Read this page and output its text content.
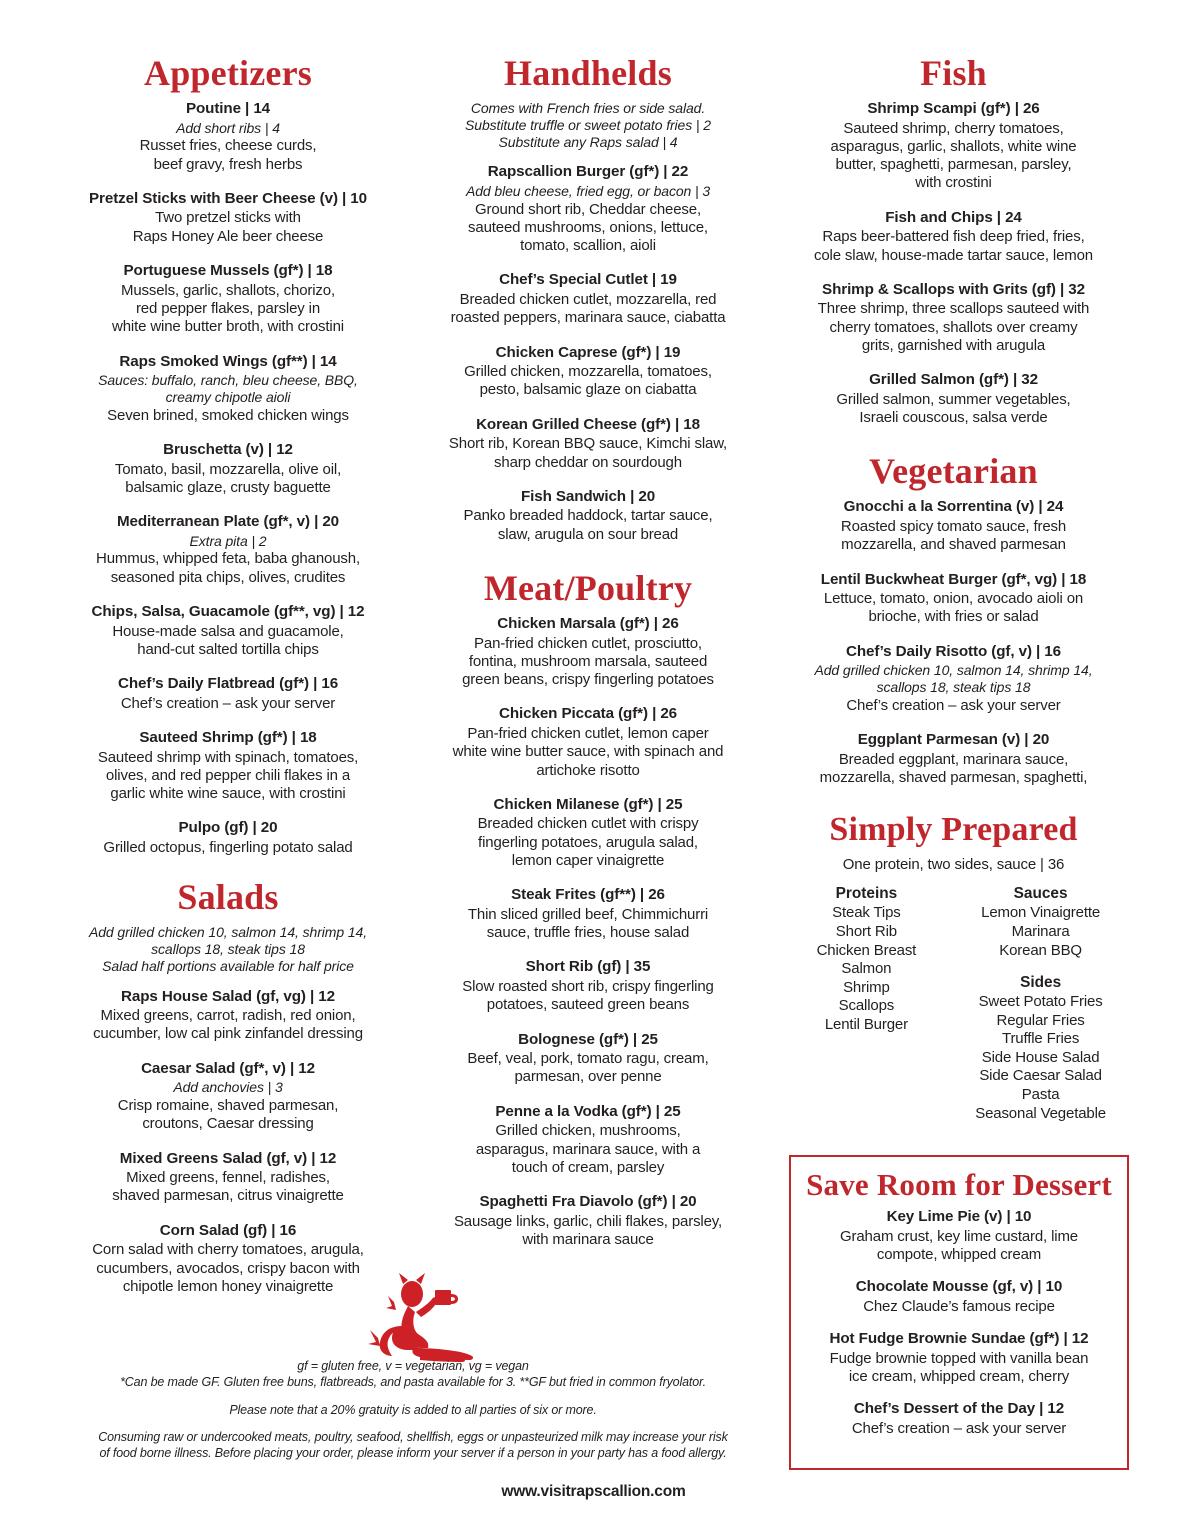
Appetizers

Poutine | 14

Add short ribs | 4

Russet fries, cheese curds,
beef gravy, fresh herbs

Pretzel Sticks with Beer Cheese (v) | 10

Two pretzel sticks with
Raps Honey Ale beer cheese

Portuguese Mussels (gf*) | 18

Mussels, garlic, shallots, chorizo,
red pepper flakes, parsley in
white wine butter broth, with crostini

Raps Smoked Wings (gf**) | 14

Sauces: buffalo, ranch, bleu cheese, BBQ,
creamy chipotle aioli

Seven brined, smoked chicken wings

Bruschetta (v) | 12

Tomato, basil, mozzarella, olive oil,
balsamic glaze, crusty baguette

Mediterranean Plate (gf*, v) | 20

Extra pita | 2

Hummus, whipped feta, baba ghanoush,
seasoned pita chips, olives, crudites

Chips, Salsa, Guacamole (gf**, vg) | 12

House-made salsa and guacamole,
hand-cut salted tortilla chips

Chef’s Daily Flatbread (gf*) | 16

Chef’s creation – ask your server

Sauteed Shrimp (gf*) | 18

Sauteed shrimp with spinach, tomatoes,
olives, and red pepper chili flakes in a
garlic white wine sauce, with crostini

Pulpo (gf) | 20

Grilled octopus, fingerling potato salad

Salads

Add grilled chicken 10, salmon 14, shrimp 14,
scallops 18, steak tips 18
Salad half portions available for half price

Raps House Salad (gf, vg) | 12

Mixed greens, carrot, radish, red onion,
cucumber, low cal pink zinfandel dressing

Caesar Salad (gf*, v) | 12

Add anchovies | 3

Crisp romaine, shaved parmesan,
croutons, Caesar dressing

Mixed Greens Salad (gf, v) | 12

Mixed greens, fennel, radishes,
shaved parmesan, citrus vinaigrette

Corn Salad (gf) | 16

Corn salad with cherry tomatoes, arugula,
cucumbers, avocados, crispy bacon with
chipotle lemon honey vinaigrette

Handhelds

Comes with French fries or side salad.
Substitute truffle or sweet potato fries | 2
Substitute any Raps salad | 4

Rapscallion Burger (gf*) | 22

Add bleu cheese, fried egg, or bacon | 3

Ground short rib, Cheddar cheese,
sauteed mushrooms, onions, lettuce,
tomato, scallion, aioli

Chef’s Special Cutlet | 19

Breaded chicken cutlet, mozzarella, red
roasted peppers, marinara sauce, ciabatta

Chicken Caprese (gf*) | 19

Grilled chicken, mozzarella, tomatoes,
pesto, balsamic glaze on ciabatta

Korean Grilled Cheese (gf*) | 18

Short rib, Korean BBQ sauce, Kimchi slaw,
sharp cheddar on sourdough

Fish Sandwich | 20

Panko breaded haddock, tartar sauce,
slaw, arugula on sour bread

Meat/Poultry

Chicken Marsala (gf*) | 26

Pan-fried chicken cutlet, prosciutto,
fontina, mushroom marsala, sauteed
green beans, crispy fingerling potatoes

Chicken Piccata (gf*) | 26

Pan-fried chicken cutlet, lemon caper
white wine butter sauce, with spinach and
artichoke risotto

Chicken Milanese (gf*) | 25

Breaded chicken cutlet with crispy
fingerling potatoes, arugula salad,
lemon caper vinaigrette

Steak Frites (gf**) | 26

Thin sliced grilled beef, Chimmichurri
sauce, truffle fries, house salad

Short Rib (gf) | 35

Slow roasted short rib, crispy fingerling
potatoes, sauteed green beans

Bolognese (gf*) | 25

Beef, veal, pork, tomato ragu, cream,
parmesan, over penne

Penne a la Vodka (gf*) | 25

Grilled chicken, mushrooms,
asparagus, marinara sauce, with a
touch of cream, parsley

Spaghetti Fra Diavolo (gf*) | 20

Sausage links, garlic, chili flakes, parsley,
with marinara sauce

Fish

Shrimp Scampi (gf*) | 26

Sauteed shrimp, cherry tomatoes,
asparagus, garlic, shallots, white wine
butter, spaghetti, parmesan, parsley,
with crostini

Fish and Chips | 24

Raps beer-battered fish deep fried, fries,
cole slaw, house-made tartar sauce, lemon

Shrimp & Scallops with Grits (gf) | 32

Three shrimp, three scallops sauteed with
cherry tomatoes, shallots over creamy
grits, garnished with arugula

Grilled Salmon (gf*) | 32

Grilled salmon, summer vegetables,
Israeli couscous, salsa verde

Vegetarian

Gnocchi a la Sorrentina (v) | 24

Roasted spicy tomato sauce, fresh
mozzarella, and shaved parmesan

Lentil Buckwheat Burger (gf*, vg) | 18

Lettuce, tomato, onion, avocado aioli on
brioche, with fries or salad

Chef’s Daily Risotto (gf, v) | 16

Add grilled chicken 10, salmon 14, shrimp 14,
scallops 18, steak tips 18

Chef’s creation – ask your server

Eggplant Parmesan (v) | 20

Breaded eggplant, marinara sauce,
mozzarella, shaved parmesan, spaghetti,

Simply Prepared

One protein, two sides, sauce | 36

Proteins

Steak Tips
Short Rib
Chicken Breast
Salmon
Shrimp
Scallops
Lentil Burger

Sauces

Lemon Vinaigrette
Marinara
Korean BBQ

Sides

Sweet Potato Fries
Regular Fries
Truffle Fries
Side House Salad
Side Caesar Salad
Pasta
Seasonal Vegetable
Save Room for Dessert

Key Lime Pie (v) | 10

Graham crust, key lime custard, lime
compote, whipped cream

Chocolate Mousse (gf, v) | 10

Chez Claude’s famous recipe

Hot Fudge Brownie Sundae (gf*) | 12

Fudge brownie topped with vanilla bean
ice cream, whipped cream, cherry

Chef’s Dessert of the Day | 12

Chef’s creation – ask your server

gf = gluten free, v = vegetarian, vg = vegan

*Can be made GF. Gluten free buns, flatbreads, and pasta available for 3. **GF but fried in common fryolator.

Please note that a 20% gratuity is added to all parties of six or more.

Consuming raw or undercooked meats, poultry, seafood, shellfish, eggs or unpasteurized milk may increase your risk
of food borne illness. Before placing your order, please inform your server if a person in your party has a food allergy.

www.visitrapscallion.com
